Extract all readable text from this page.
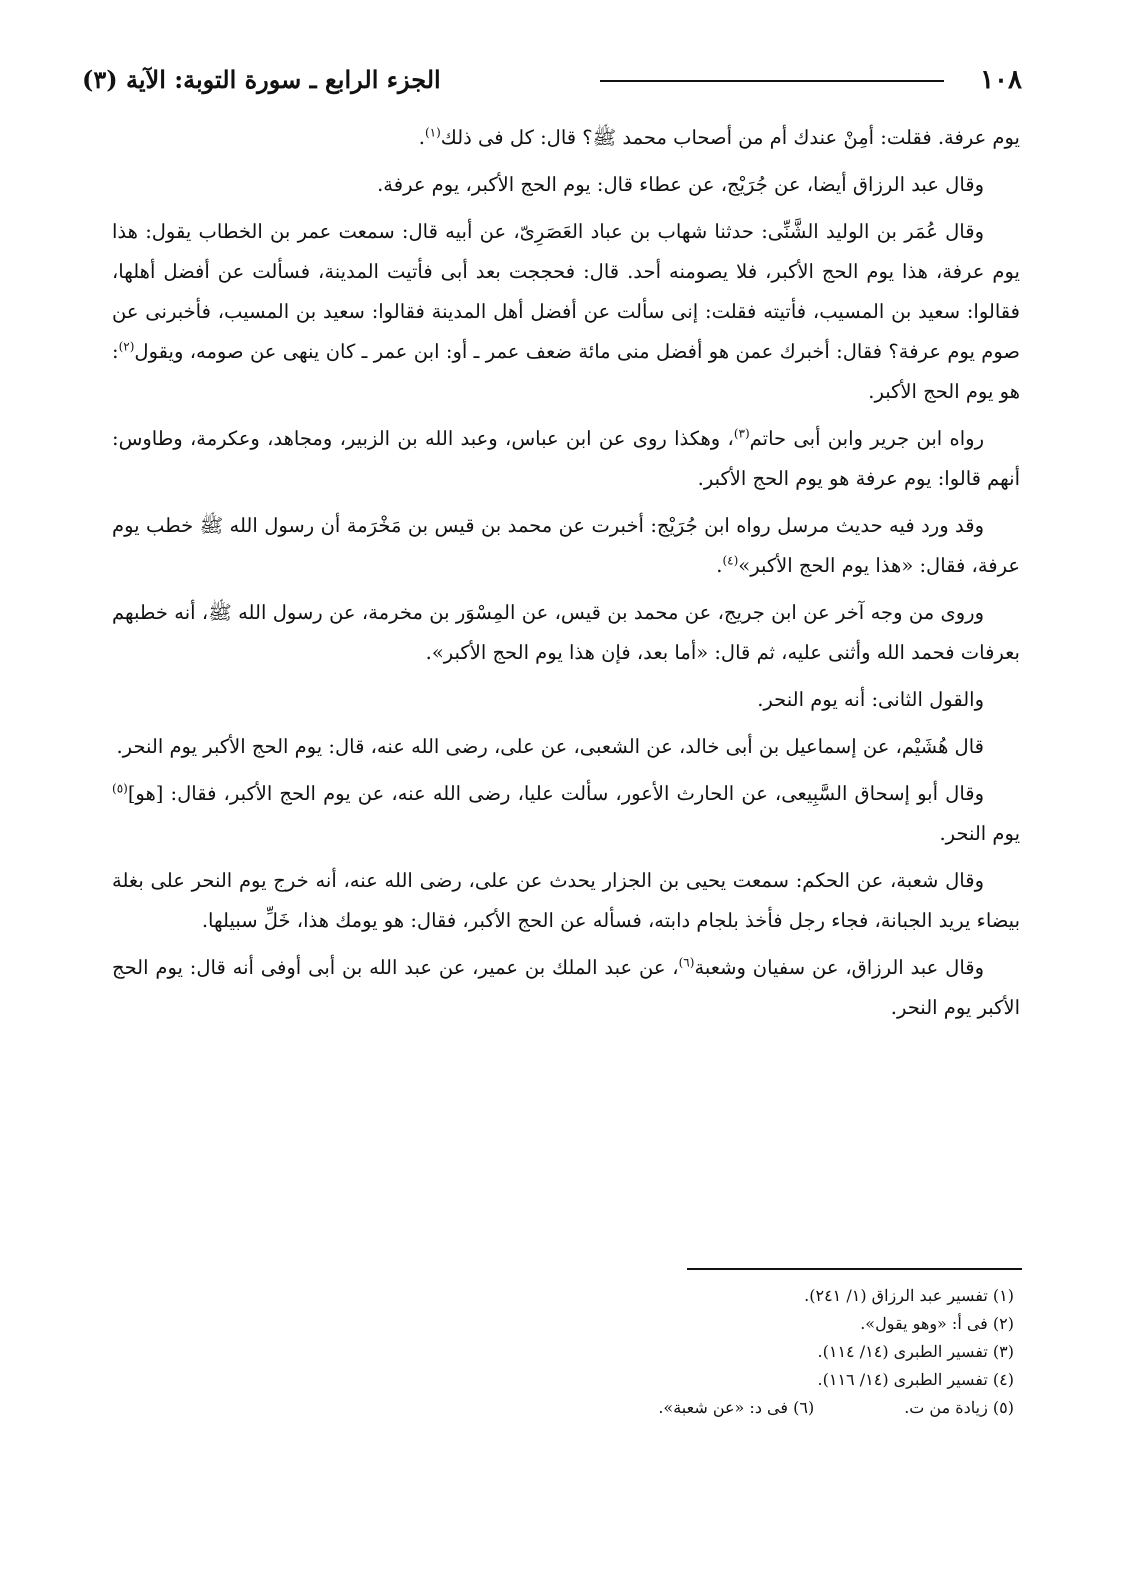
١٠٨
الجزء الرابع ـ سورة التوبة: الآية (٣)

يوم عرفة. فقلت: أمِنْ عندك أم من أصحاب محمد ﷺ؟ قال: كل فى ذلك$^{(١)}$.

وقال عبد الرزاق أيضا، عن جُرَيْج، عن عطاء قال: يوم الحج الأكبر، يوم عرفة.

وقال عُمَر بن الوليد الشَّنِّى: حدثنا شهاب بن عباد العَصَرِىّ، عن أبيه قال: سمعت عمر بن الخطاب يقول: هذا يوم عرفة، هذا يوم الحج الأكبر، فلا يصومنه أحد. قال: فحججت بعد أبى فأتيت المدينة، فسألت عن أفضل أهلها، فقالوا: سعيد بن المسيب، فأتيته فقلت: إنى سألت عن أفضل أهل المدينة فقالوا: سعيد بن المسيب، فأخبرنى عن صوم يوم عرفة؟ فقال: أخبرك عمن هو أفضل منى مائة ضعف عمر ـ أو: ابن عمر ـ كان ينهى عن صومه، ويقول$^{(٢)}$: هو يوم الحج الأكبر.

رواه ابن جرير وابن أبى حاتم$^{(٣)}$، وهكذا روى عن ابن عباس، وعبد الله بن الزبير، ومجاهد، وعكرمة، وطاوس: أنهم قالوا: يوم عرفة هو يوم الحج الأكبر.

وقد ورد فيه حديث مرسل رواه ابن جُرَيْج: أخبرت عن محمد بن قيس بن مَخْرَمة أن رسول الله ﷺ خطب يوم عرفة، فقال: «هذا يوم الحج الأكبر»$^{(٤)}$.

وروى من وجه آخر عن ابن جريج، عن محمد بن قيس، عن المِسْوَر بن مخرمة، عن رسول الله ﷺ، أنه خطبهم بعرفات فحمد الله وأثنى عليه، ثم قال: «أما بعد، فإن هذا يوم الحج الأكبر».

والقول الثانى: أنه يوم النحر.

قال هُشَيْم، عن إسماعيل بن أبى خالد، عن الشعبى، عن على، رضى الله عنه، قال: يوم الحج الأكبر يوم النحر.

وقال أبو إسحاق السَّبِيعى، عن الحارث الأعور، سألت عليا، رضى الله عنه، عن يوم الحج الأكبر، فقال: [هو]$^{(٥)}$ يوم النحر.

وقال شعبة، عن الحكم: سمعت يحيى بن الجزار يحدث عن على، رضى الله عنه، أنه خرج يوم النحر على بغلة بيضاء يريد الجبانة، فجاء رجل فأخذ بلجام دابته، فسأله عن الحج الأكبر، فقال: هو يومك هذا، خَلِّ سبيلها.

وقال عبد الرزاق، عن سفيان وشعبة$^{(٦)}$، عن عبد الملك بن عمير، عن عبد الله بن أبى أوفى أنه قال: يوم الحج الأكبر يوم النحر.

(١) تفسير عبد الرزاق (١/ ٢٤١).
(٢) فى أ: «وهو يقول».
(٣) تفسير الطبرى (١٤/ ١١٤).
(٤) تفسير الطبرى (١٤/ ١١٦).
(٥) زيادة من ت.(٦) فى د: «عن شعبة».
